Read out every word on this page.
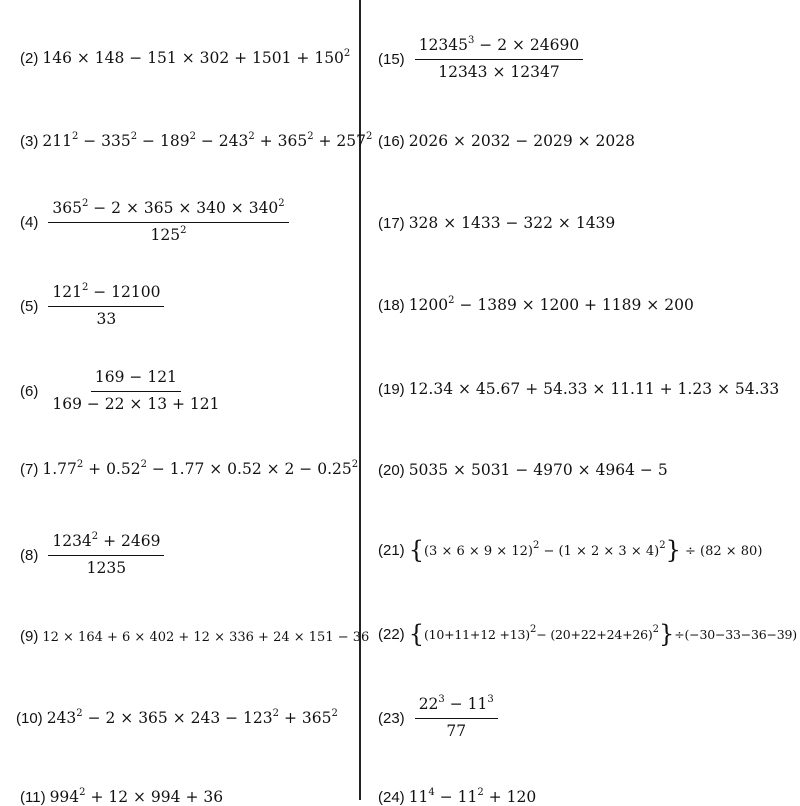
(2) $146 \times 148 - 151 \times 302 + 1501 + 150^2$
(3) $211^2 - 335^2 - 189^2 - 243^2 + 365^2 + 257^2$
$(4) \frac{365^2 - 2 \times 365 \times 340 \times 340^2}{125^2}$
$(5) \frac{121^2 - 12100}{33}$
$(6) \frac{169 - 121}{169 - 22 \times 13 + 121}$
(7) $1.77^2 + 0.52^2 - 1.77 \times 0.52 \times 2 - 0.25^2$
$(8) \frac{1234^2 + 2469}{1235}$
(9) 12 × 164 + 6 × 402 + 12 × 336 + 24 × 151 − 36
(10) $243^2 - 2 \times 365 \times 243 - 123^2 + 365^2$
(11) $994^2 + 12 \times 994 + 36$
$(15) \frac{12345^3 - 2 \times 24690}{12343 \times 12347}$
(16) 2026 × 2032 − 2029 × 2028
(17) 328 × 1433 − 322 × 1439
(18) $1200^2 - 1389 \times 1200 + 1189 \times 200$
(19) 12.34 × 45.67 + 54.33 × 11.11 + 1.23 × 54.33
(20) 5035 × 5031 − 4970 × 4964 − 5
(21) $\{(3 \times 6 \times 9 \times 12)^2 - (1 \times 2 \times 3 \times 4)^2\} \div (82 \times 80)$
(22) $\{(10+11+12 +13)^2- (20+22+24+26)^2\}\div(-30-33-36-39)$
$(23) \frac{22^3 - 11^3}{77}$
(24) $11^4 - 11^2 + 120$
